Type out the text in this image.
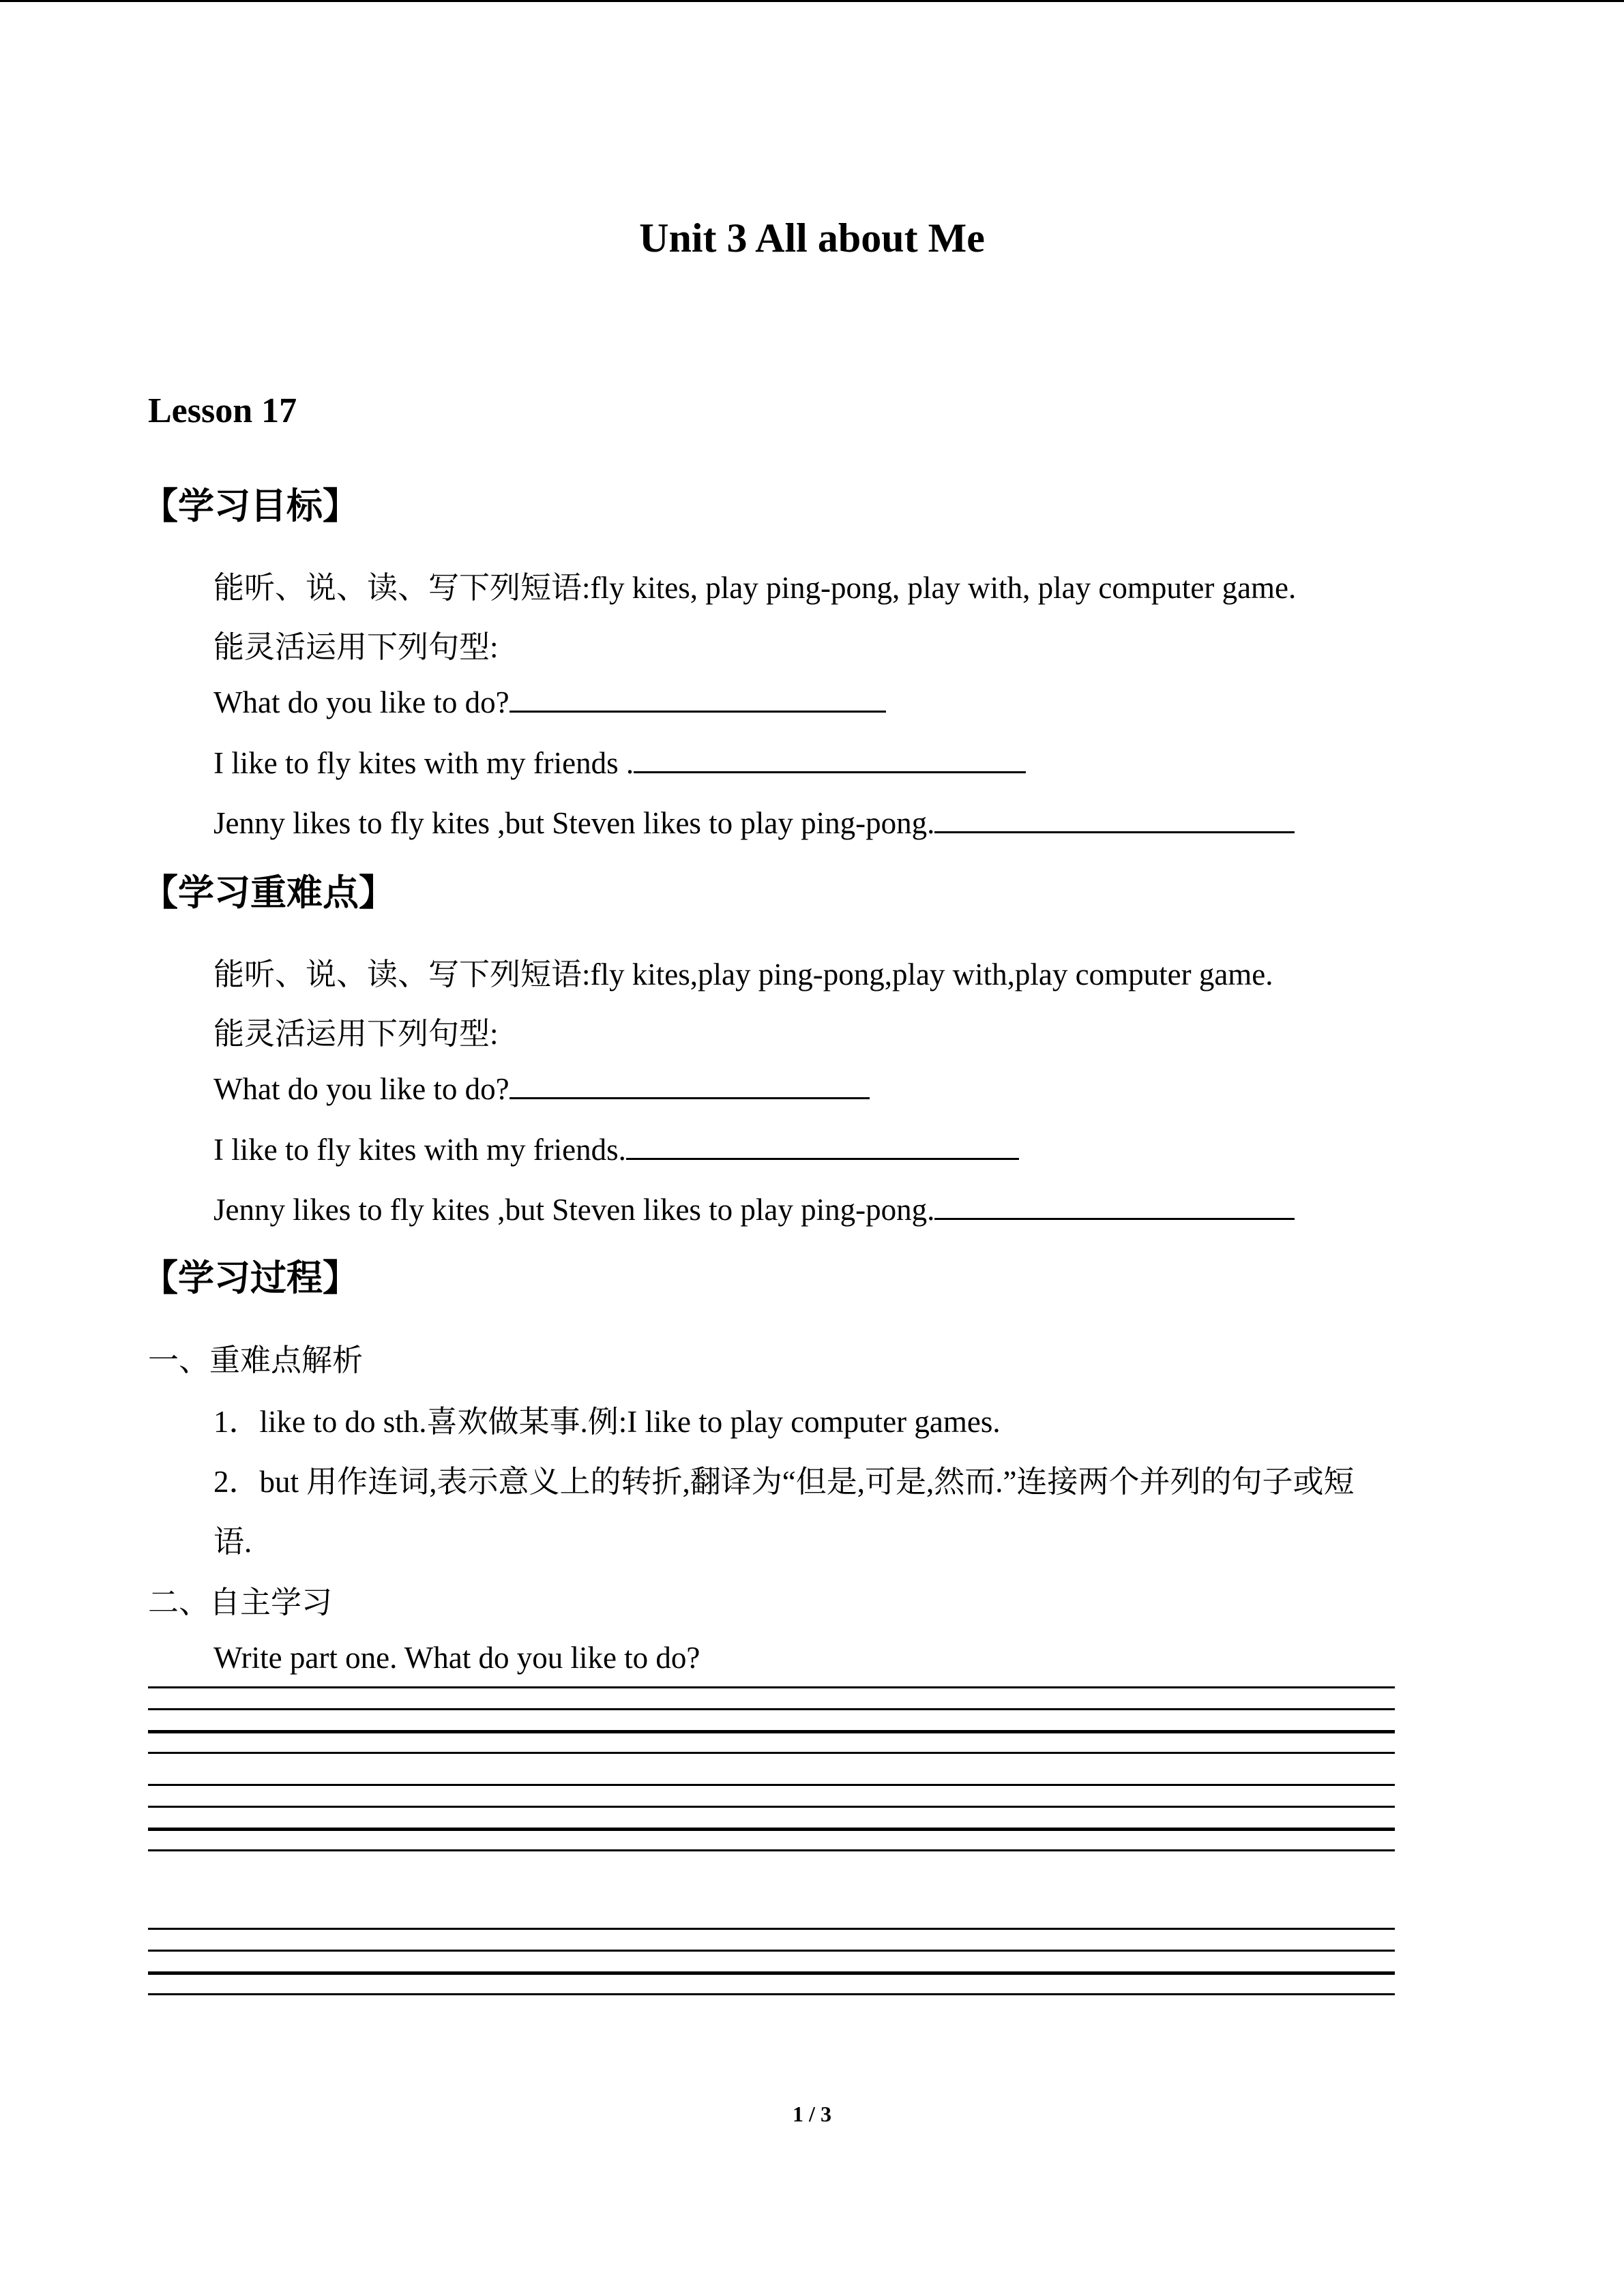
Unit 3 All about Me
Lesson 17
【学习目标】
能听、说、读、写下列短语:fly kites, play ping-pong, play with, play computer game.
能灵活运用下列句型:
What do you like to do?
I like to fly kites with my friends .
Jenny likes to fly kites ,but Steven likes to play ping-pong.
【学习重难点】
能听、说、读、写下列短语:fly kites,play ping-pong,play with,play computer game.
能灵活运用下列句型:
What do you like to do?
I like to fly kites with my friends.
Jenny likes to fly kites ,but Steven likes to play ping-pong.
【学习过程】
一、重难点解析
1．like to do sth.喜欢做某事.例:I like to play computer games.
2．but 用作连词,表示意义上的转折,翻译为“但是,可是,然而.”连接两个并列的句子或短
语.
二、自主学习
Write part one. What do you like to do?
1 / 3
